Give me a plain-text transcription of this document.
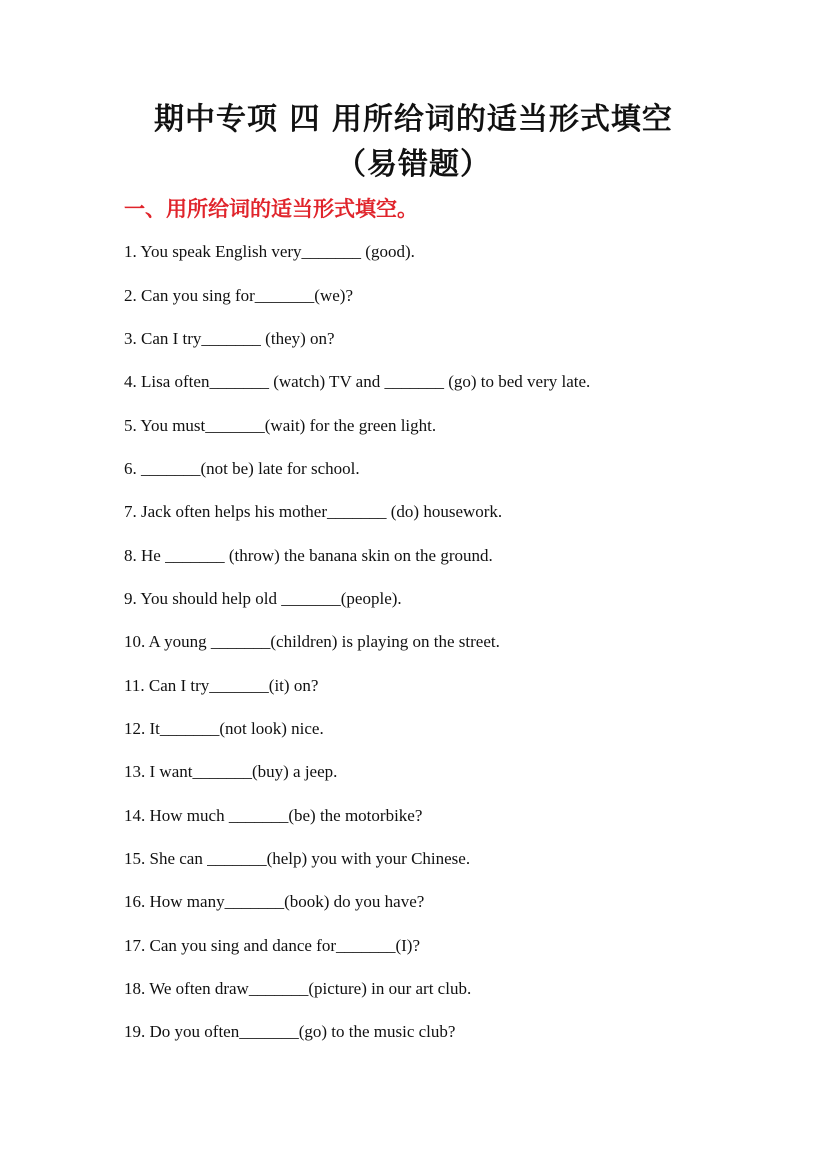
期中专项 四 用所给词的适当形式填空
（易错题）
一、用所给词的适当形式填空。
1. You speak English very_______ (good).
2. Can you sing for_______(we)?
3. Can I try_______ (they) on?
4. Lisa often_______ (watch) TV and _______ (go) to bed very late.
5. You must_______(wait) for the green light.
6. _______(not be) late for school.
7. Jack often helps his mother_______ (do) housework.
8. He _______ (throw) the banana skin on the ground.
9. You should help old _______(people).
10. A young _______(children) is playing on the street.
11. Can I try_______(it) on?
12. It_______(not look) nice.
13. I want_______(buy) a jeep.
14. How much _______(be) the motorbike?
15. She can _______(help) you with your Chinese.
16. How many_______(book) do you have?
17. Can you sing and dance for_______(I)?
18. We often draw_______(picture) in our art club.
19. Do you often_______(go) to the music club?
